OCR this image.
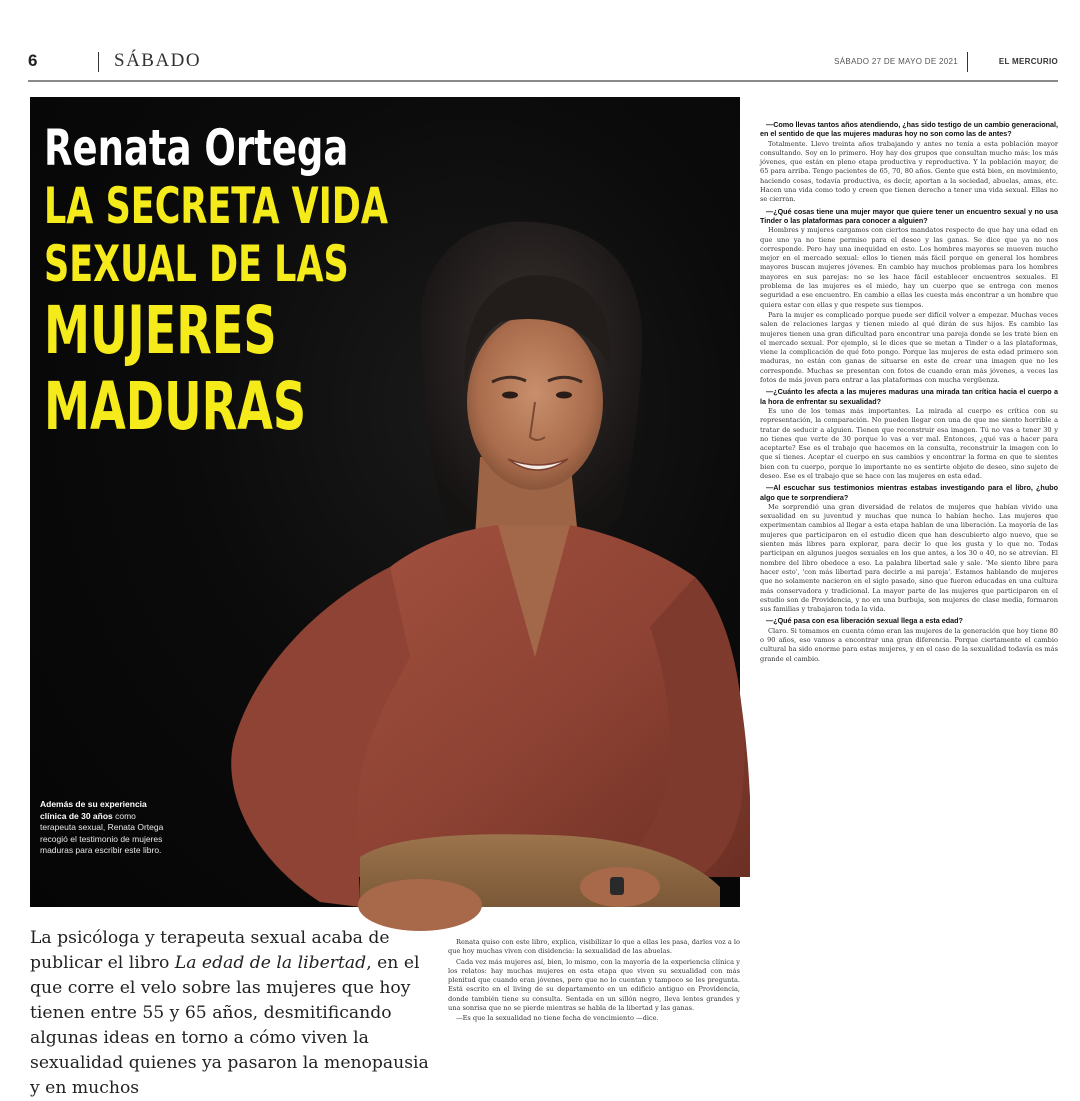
6	SÁBADO	SÁBADO 27 DE MAYO DE 2021	EL MERCURIO
Renata Ortega
LA SECRETA VIDA
SEXUAL DE LAS
MUJERES
MADURAS
Además de su experiencia clínica de 30 años como terapeuta sexual, Renata Ortega recogió el testimonio de mujeres maduras para escribir este libro.

—Como llevas tantos años atendiendo, ¿has sido testigo de un cambio generacional, en el sentido de que las mujeres maduras hoy no son como las de antes?

Totalmente. Llevo treinta años trabajando y antes no tenía a esta población mayor consultando. Soy en lo primero. Hoy hay dos grupos que consultan mucho más: los más jóvenes, que están en pleno etapa productiva y reproductiva. Y la población mayor, de 65 para arriba. Tengo pacientes de 65, 70, 80 años. Gente que está bien, en movimiento, haciendo cosas, todavía productiva, es decir, aportan a la sociedad, abuelas, amas, etc. Hacen una vida como todo y creen que tienen derecho a tener una vida sexual. Ellas no se cierran.

—¿Qué cosas tiene una mujer mayor que quiere tener un encuentro sexual y no usa Tinder o las plataformas para conocer a alguien?

Hombres y mujeres cargamos con ciertos mandatos respecto de que hay una edad en que uno ya no tiene permiso para el deseo y las ganas. Se dice que ya no nos corresponde. Pero hay una inequidad en esto. Los hombres mayores se mueven mucho mejor en el mercado sexual: ellos lo tienen más fácil porque en general los hombres mayores buscan mujeres jóvenes. En cambio hay muchos problemas para los hombres mayores en sus parejas: no se les hace fácil establecer encuentros sexuales. El problema de las mujeres es el miedo, hay un cuerpo que se entrega con menos seguridad a ese encuentro. En cambio a ellas les cuesta más encontrar a un hombre que quiera estar con ellas y que respete sus tiempos.

Para la mujer es complicado porque puede ser difícil volver a empezar. Muchas veces salen de relaciones largas y tienen miedo al qué dirán de sus hijos. Es cambio las mujeres tienen una gran dificultad para encontrar una pareja donde se les trate bien en el mercado sexual. Por ejemplo, si le dices que se metan a Tinder o a las plataformas, viene la complicación de qué foto pongo. Porque las mujeres de esta edad primero son maduras, no están con ganas de situarse en este de crear una imagen que no les corresponde. Muchas se presentan con fotos de cuando eran más jóvenes, a veces las fotos de más joven para entrar a las plataformas con mucha vergüenza.

—¿Cuánto les afecta a las mujeres maduras una mirada tan crítica hacia el cuerpo a la hora de enfrentar su sexualidad?

Es uno de los temas más importantes. La mirada al cuerpo es crítica con su representación, la comparación. No pueden llegar con una de que me siento horrible a tratar de seducir a alguien. Tienen que reconstruir esa imagen. Tú no vas a tener 30 y no tienes que verte de 30 porque lo vas a ver mal. Entonces, ¿qué vas a hacer para aceptarte? Ese es el trabajo que hacemos en la consulta, reconstruir la imagen con lo que sí tienes. Aceptar el cuerpo en sus cambios y encontrar la forma en que te sientes bien con tu cuerpo, porque lo importante no es sentirte objeto de deseo, sino sujeto de deseo. Ese es el trabajo que se hace con las mujeres en esta edad.

—Al escuchar sus testimonios mientras estabas investigando para el libro, ¿hubo algo que te sorprendiera?

Me sorprendió una gran diversidad de relatos de mujeres que habían vivido una sexualidad en su juventud y muchas que nunca lo habían hecho. Las mujeres que experimentan cambios al llegar a esta etapa hablan de una liberación. La mayoría de las mujeres que participaron en el estudio dicen que han descubierto algo nuevo, que se sienten más libres para explorar, para decir lo que les gusta y lo que no. Todas participan en algunos juegos sexuales en los que antes, a los 30 o 40, no se atrevían. El nombre del libro obedece a eso. La palabra libertad sale y sale. 'Me siento libre para hacer esto', 'con más libertad para decirle a mi pareja'. Estamos hablando de mujeres que no solamente nacieron en el siglo pasado, sino que fueron educadas en una cultura más conservadora y tradicional. La mayor parte de las mujeres que participaron en el estudio son de Providencia, y no en una burbuja, son mujeres de clase media, formaron sus familias y trabajaron toda la vida.

—¿Qué pasa con esa liberación sexual llega a esta edad?

Claro. Si tomamos en cuenta cómo eran las mujeres de la generación que hoy tiene 80 o 90 años, eso vamos a encontrar una gran diferencia. Porque ciertamente el cambio cultural ha sido enorme para estas mujeres, y en el caso de la sexualidad todavía es más grande el cambio.

La psicóloga y terapeuta sexual acaba de publicar el libro La edad de la libertad, en el que corre el velo sobre las mujeres que hoy tienen entre 55 y 65 años, desmitificando algunas ideas en torno a cómo viven la sexualidad quienes ya pasaron la menopausia y en muchos

Renata quiso con este libro, explica, visibilizar lo que a ellas les pasa, darles voz a lo que hoy muchas viven con disidencia: la sexualidad de las abuelas.

Cada vez más mujeres así, bien, lo mismo, con la mayoría de la experiencia clínica y los relatos: hay muchas mujeres en esta etapa que viven su sexualidad con más plenitud que cuando eran jóvenes, pero que no lo cuentan y tampoco se les pregunta. Está escrito en el living de su departamento en un edificio antiguo en Providencia, donde también tiene su consulta. Sentada en un sillón negro, lleva lentes grandes y una sonrisa que no se pierde mientras se habla de la libertad y las ganas.

—Es que la sexualidad no tiene fecha de vencimiento —dice.
